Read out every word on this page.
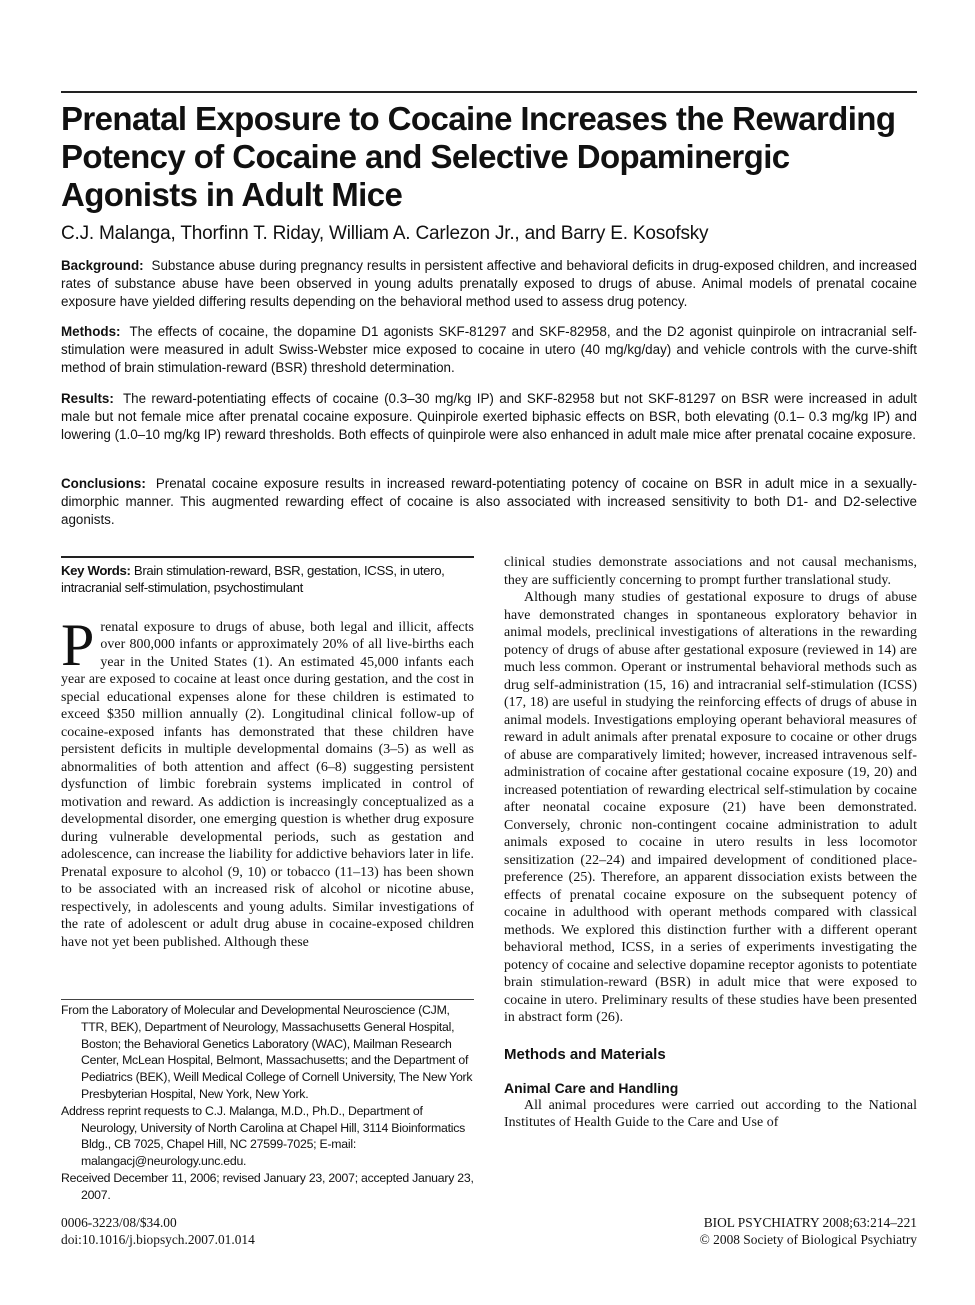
Prenatal Exposure to Cocaine Increases the Rewarding Potency of Cocaine and Selective Dopaminergic Agonists in Adult Mice
C.J. Malanga, Thorfinn T. Riday, William A. Carlezon Jr., and Barry E. Kosofsky
Background: Substance abuse during pregnancy results in persistent affective and behavioral deficits in drug-exposed children, and increased rates of substance abuse have been observed in young adults prenatally exposed to drugs of abuse. Animal models of prenatal cocaine exposure have yielded differing results depending on the behavioral method used to assess drug potency.
Methods: The effects of cocaine, the dopamine D1 agonists SKF-81297 and SKF-82958, and the D2 agonist quinpirole on intracranial self-stimulation were measured in adult Swiss-Webster mice exposed to cocaine in utero (40 mg/kg/day) and vehicle controls with the curve-shift method of brain stimulation-reward (BSR) threshold determination.
Results: The reward-potentiating effects of cocaine (0.3–30 mg/kg IP) and SKF-82958 but not SKF-81297 on BSR were increased in adult male but not female mice after prenatal cocaine exposure. Quinpirole exerted biphasic effects on BSR, both elevating (0.1– 0.3 mg/kg IP) and lowering (1.0–10 mg/kg IP) reward thresholds. Both effects of quinpirole were also enhanced in adult male mice after prenatal cocaine exposure.
Conclusions: Prenatal cocaine exposure results in increased reward-potentiating potency of cocaine on BSR in adult mice in a sexually-dimorphic manner. This augmented rewarding effect of cocaine is also associated with increased sensitivity to both D1- and D2-selective agonists.
Key Words: Brain stimulation-reward, BSR, gestation, ICSS, in utero, intracranial self-stimulation, psychostimulant

Prenatal exposure to drugs of abuse, both legal and illicit, affects over 800,000 infants or approximately 20% of all live-births each year in the United States (1). An estimated 45,000 infants each year are exposed to cocaine at least once during gestation, and the cost in special educational expenses alone for these children is estimated to exceed $350 million annually (2). Longitudinal clinical follow-up of cocaine-exposed infants has demonstrated that these children have persistent deficits in multiple developmental domains (3–5) as well as abnormalities of both attention and affect (6–8) suggesting persistent dysfunction of limbic forebrain systems implicated in control of motivation and reward. As addiction is increasingly conceptualized as a developmental disorder, one emerging question is whether drug exposure during vulnerable developmental periods, such as gestation and adolescence, can increase the liability for addictive behaviors later in life. Prenatal exposure to alcohol (9, 10) or tobacco (11–13) has been shown to be associated with an increased risk of alcohol or nicotine abuse, respectively, in adolescents and young adults. Similar investigations of the rate of adolescent or adult drug abuse in cocaine-exposed children have not yet been published. Although these

From the Laboratory of Molecular and Developmental Neuroscience (CJM, TTR, BEK), Department of Neurology, Massachusetts General Hospital, Boston; the Behavioral Genetics Laboratory (WAC), Mailman Research Center, McLean Hospital, Belmont, Massachusetts; and the Department of Pediatrics (BEK), Weill Medical College of Cornell University, The New York Presbyterian Hospital, New York, New York.
Address reprint requests to C.J. Malanga, M.D., Ph.D., Department of Neurology, University of North Carolina at Chapel Hill, 3114 Bioinformatics Bldg., CB 7025, Chapel Hill, NC 27599-7025; E-mail: malangacj@neurology.unc.edu.
Received December 11, 2006; revised January 23, 2007; accepted January 23, 2007.

clinical studies demonstrate associations and not causal mechanisms, they are sufficiently concerning to prompt further translational study.

Although many studies of gestational exposure to drugs of abuse have demonstrated changes in spontaneous exploratory behavior in animal models, preclinical investigations of alterations in the rewarding potency of drugs of abuse after gestational exposure (reviewed in 14) are much less common. Operant or instrumental behavioral methods such as drug self-administration (15, 16) and intracranial self-stimulation (ICSS) (17, 18) are useful in studying the reinforcing effects of drugs of abuse in animal models. Investigations employing operant behavioral measures of reward in adult animals after prenatal exposure to cocaine or other drugs of abuse are comparatively limited; however, increased intravenous self-administration of cocaine after gestational cocaine exposure (19, 20) and increased potentiation of rewarding electrical self-stimulation by cocaine after neonatal cocaine exposure (21) have been demonstrated. Conversely, chronic non-contingent cocaine administration to adult animals exposed to cocaine in utero results in less locomotor sensitization (22–24) and impaired development of conditioned place-preference (25). Therefore, an apparent dissociation exists between the effects of prenatal cocaine exposure on the subsequent potency of cocaine in adulthood with operant methods compared with classical methods. We explored this distinction further with a different operant behavioral method, ICSS, in a series of experiments investigating the potency of cocaine and selective dopamine receptor agonists to potentiate brain stimulation-reward (BSR) in adult mice that were exposed to cocaine in utero. Preliminary results of these studies have been presented in abstract form (26).

Methods and Materials
Animal Care and Handling

All animal procedures were carried out according to the National Institutes of Health Guide to the Care and Use of

0006-3223/08/$34.00
doi:10.1016/j.biopsych.2007.01.014
BIOL PSYCHIATRY 2008;63:214–221
© 2008 Society of Biological Psychiatry
